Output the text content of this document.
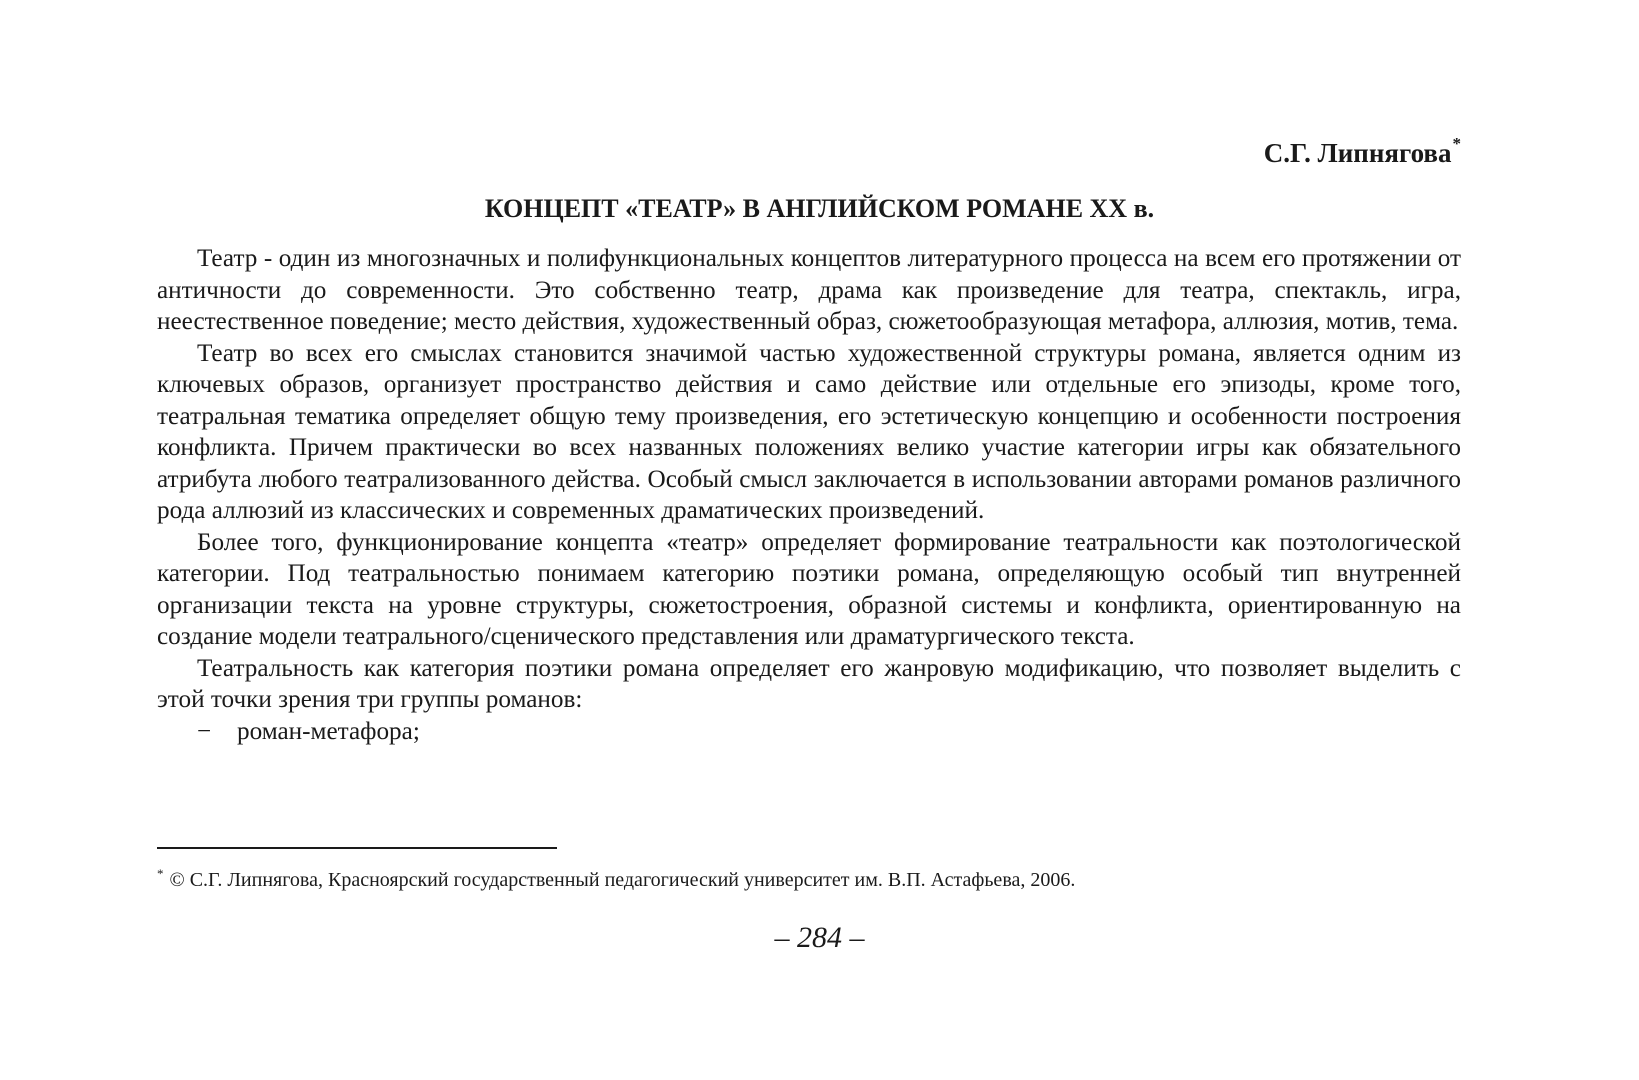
С.Г. Липнягова*
КОНЦЕПТ «ТЕАТР» В АНГЛИЙСКОМ РОМАНЕ XX в.

Театр - один из многозначных и полифункциональных концептов литературного процесса на всем его протяжении от античности до современности. Это собственно театр, драма как произведение для театра, спектакль, игра, неестественное поведение; место действия, художественный образ, сюжетообразующая метафора, аллюзия, мотив, тема.

Театр во всех его смыслах становится значимой частью художественной структуры романа, является одним из ключевых образов, организует пространство действия и само действие или отдельные его эпизоды, кроме того, театральная тематика определяет общую тему произведения, его эстетическую концепцию и особенности построения конфликта. Причем практически во всех названных положениях велико участие категории игры как обязательного атрибута любого театрализованного действа. Особый смысл заключается в использовании авторами романов различного рода аллюзий из классических и современных драматических произведений.

Более того, функционирование концепта «театр» определяет формирование театральности как поэтологической категории. Под театральностью понимаем категорию поэтики романа, определяющую особый тип внутренней организации текста на уровне структуры, сюжетостроения, образной системы и конфликта, ориентированную на создание модели театрального/сценического представления или драматургического текста.

Театральность как категория поэтики романа определяет его жанровую модификацию, что позволяет выделить с этой точки зрения три группы романов:

− роман-метафора;
* © С.Г. Липнягова, Красноярский государственный педагогический университет им. В.П. Астафьева, 2006.
– 284 –
